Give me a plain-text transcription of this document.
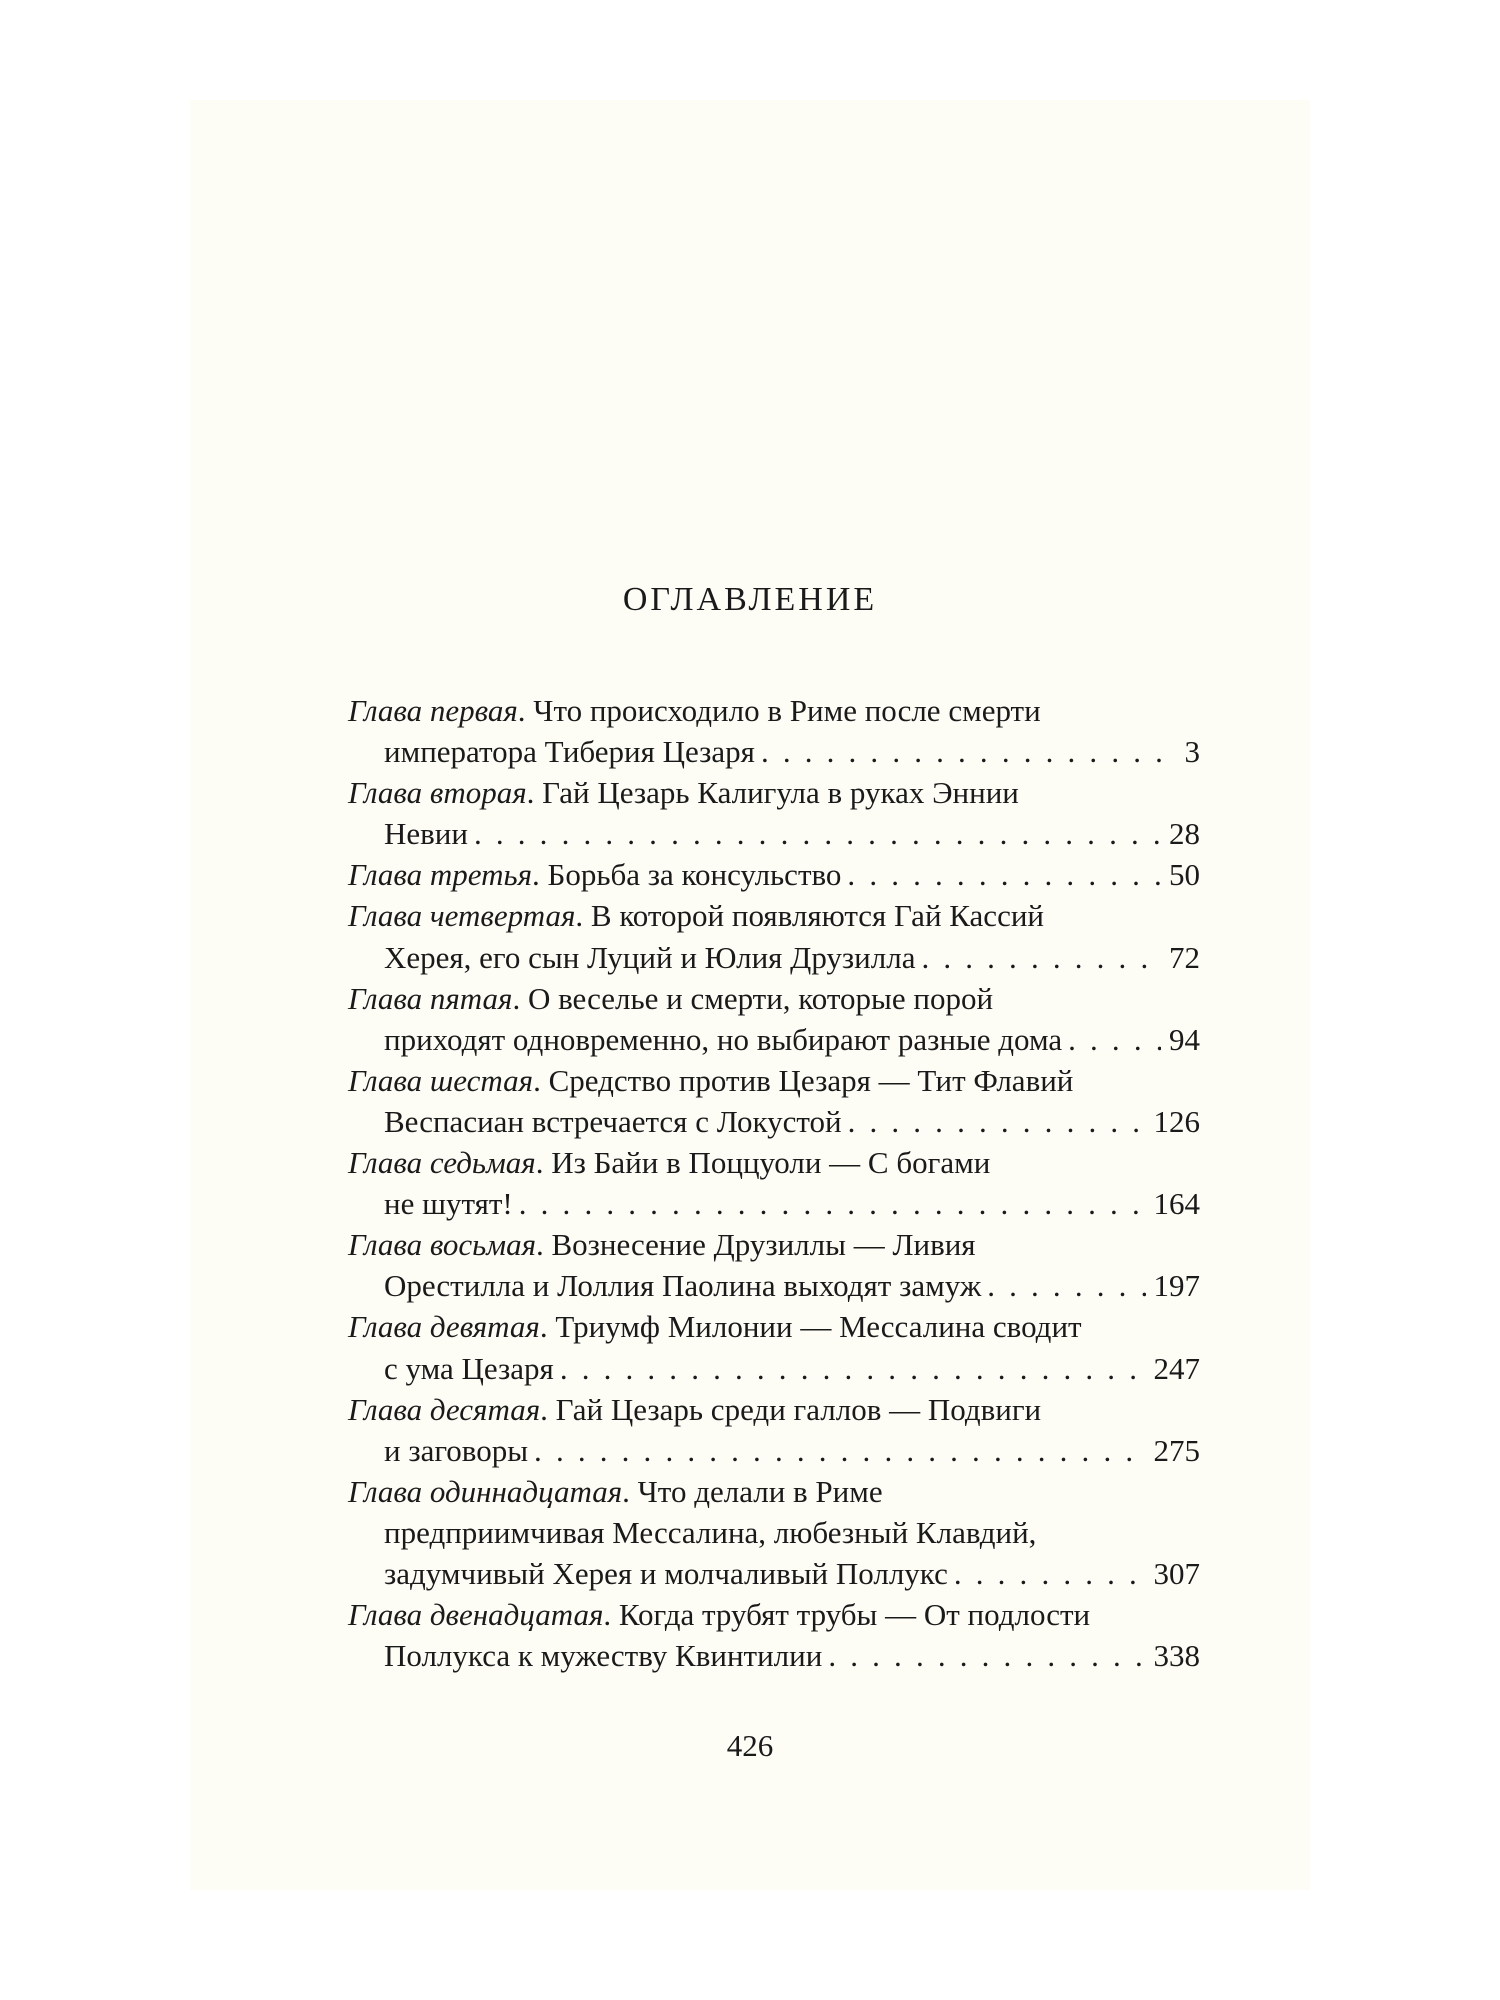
ОГЛАВЛЕНИЕ
Глава первая. Что происходило в Риме после смерти
императора Тиберия Цезаря . . .	3
Глава вторая. Гай Цезарь Калигула в руках Эннии
Невии . . .	28
Глава третья. Борьба за консульство . . .	50
Глава четвертая. В которой появляются Гай Кассий
Херея, его сын Луций и Юлия Друзилла . . .	72
Глава пятая. О веселье и смерти, которые порой
приходят одновременно, но выбирают разные дома . . .	94
Глава шестая. Средство против Цезаря — Тит Флавий
Веспасиан встречается с Локустой . . .	126
Глава седьмая. Из Байи в Поццуоли — С богами
не шутят! . . .	164
Глава восьмая. Вознесение Друзиллы — Ливия
Орестилла и Лоллия Паолина выходят замуж . . .	197
Глава девятая. Триумф Милонии — Мессалина сводит
с ума Цезаря . . .	247
Глава десятая. Гай Цезарь среди галлов — Подвиги
и заговоры . . .	275
Глава одиннадцатая. Что делали в Риме
предприимчивая Мессалина, любезный Клавдий,
задумчивый Херея и молчаливый Поллукс . . .	307
Глава двенадцатая. Когда трубят трубы — От подлости
Поллукса к мужеству Квинтилии . . .	338
426
